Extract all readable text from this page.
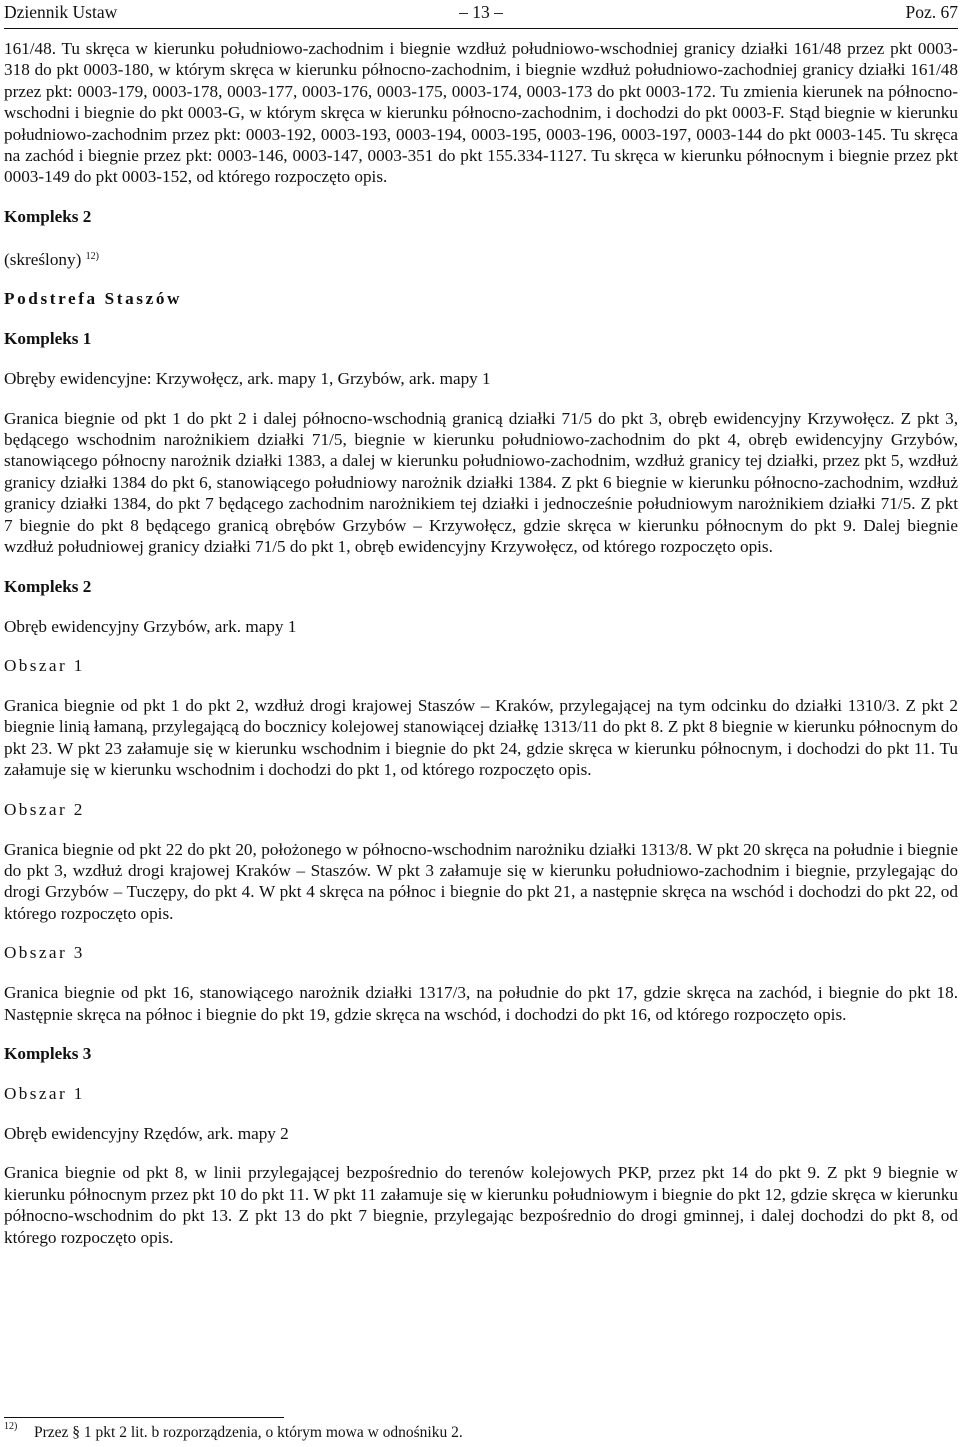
Dziennik Ustaw	– 13 –	Poz. 67

161/48. Tu skręca w kierunku południowo-zachodnim i biegnie wzdłuż południowo-wschodniej granicy działki 161/48 przez pkt 0003-318 do pkt 0003-180, w którym skręca w kierunku północno-zachodnim, i biegnie wzdłuż południowo-zachodniej granicy działki 161/48 przez pkt: 0003-179, 0003-178, 0003-177, 0003-176, 0003-175, 0003-174, 0003-173 do pkt 0003-172. Tu zmienia kierunek na północno-wschodni i biegnie do pkt 0003-G, w którym skręca w kierunku północno-zachodnim, i dochodzi do pkt 0003-F. Stąd biegnie w kierunku południowo-zachodnim przez pkt: 0003-192, 0003-193, 0003-194, 0003-195, 0003-196, 0003-197, 0003-144 do pkt 0003-145. Tu skręca na zachód i biegnie przez pkt: 0003-146, 0003-147, 0003-351 do pkt 155.334-1127. Tu skręca w kierunku północnym i biegnie przez pkt 0003-149 do pkt 0003-152, od którego rozpoczęto opis.

Kompleks 2

(skreślony) $^{12)}$

Podstrefa Staszów

Kompleks 1

Obręby ewidencyjne: Krzywołęcz, ark. mapy 1, Grzybów, ark. mapy 1

Granica biegnie od pkt 1 do pkt 2 i dalej północno-wschodnią granicą działki 71/5 do pkt 3, obręb ewidencyjny Krzywołęcz. Z pkt 3, będącego wschodnim narożnikiem działki 71/5, biegnie w kierunku południowo-zachodnim do pkt 4, obręb ewidencyjny Grzybów, stanowiącego północny narożnik działki 1383, a dalej w kierunku południowo-zachodnim, wzdłuż granicy tej działki, przez pkt 5, wzdłuż granicy działki 1384 do pkt 6, stanowiącego południowy narożnik działki 1384. Z pkt 6 biegnie w kierunku północno-zachodnim, wzdłuż granicy działki 1384, do pkt 7 będącego zachodnim narożnikiem tej działki i jednocześnie południowym narożnikiem działki 71/5. Z pkt 7 biegnie do pkt 8 będącego granicą obrębów Grzybów – Krzywołęcz, gdzie skręca w kierunku północnym do pkt 9. Dalej biegnie wzdłuż południowej granicy działki 71/5 do pkt 1, obręb ewidencyjny Krzywołęcz, od którego rozpoczęto opis.

Kompleks 2

Obręb ewidencyjny Grzybów, ark. mapy 1

Obszar 1

Granica biegnie od pkt 1 do pkt 2, wzdłuż drogi krajowej Staszów – Kraków, przylegającej na tym odcinku do działki 1310/3. Z pkt 2 biegnie linią łamaną, przylegającą do bocznicy kolejowej stanowiącej działkę 1313/11 do pkt 8. Z pkt 8 biegnie w kierunku północnym do pkt 23. W pkt 23 załamuje się w kierunku wschodnim i biegnie do pkt 24, gdzie skręca w kierunku północnym, i dochodzi do pkt 11. Tu załamuje się w kierunku wschodnim i dochodzi do pkt 1, od którego rozpoczęto opis.

Obszar 2

Granica biegnie od pkt 22 do pkt 20, położonego w północno-wschodnim narożniku działki 1313/8. W pkt 20 skręca na południe i biegnie do pkt 3, wzdłuż drogi krajowej Kraków – Staszów. W pkt 3 załamuje się w kierunku południowo-zachodnim i biegnie, przylegając do drogi Grzybów – Tuczępy, do pkt 4. W pkt 4 skręca na północ i biegnie do pkt 21, a następnie skręca na wschód i dochodzi do pkt 22, od którego rozpoczęto opis.

Obszar 3

Granica biegnie od pkt 16, stanowiącego narożnik działki 1317/3, na południe do pkt 17, gdzie skręca na zachód, i biegnie do pkt 18. Następnie skręca na północ i biegnie do pkt 19, gdzie skręca na wschód, i dochodzi do pkt 16, od którego rozpoczęto opis.

Kompleks 3

Obszar 1

Obręb ewidencyjny Rzędów, ark. mapy 2

Granica biegnie od pkt 8, w linii przylegającej bezpośrednio do terenów kolejowych PKP, przez pkt 14 do pkt 9. Z pkt 9 biegnie w kierunku północnym przez pkt 10 do pkt 11. W pkt 11 załamuje się w kierunku południowym i biegnie do pkt 12, gdzie skręca w kierunku północno-wschodnim do pkt 13. Z pkt 13 do pkt 7 biegnie, przylegając bezpośrednio do drogi gminnej, i dalej dochodzi do pkt 8, od którego rozpoczęto opis.

12) Przez § 1 pkt 2 lit. b rozporządzenia, o którym mowa w odnośniku 2.
